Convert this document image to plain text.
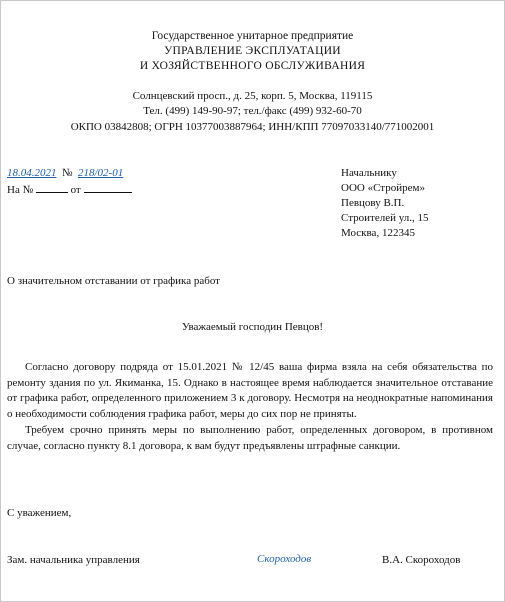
Государственное унитарное предприятие
УПРАВЛЕНИЕ ЭКСПЛУАТАЦИИ
И ХОЗЯЙСТВЕННОГО ОБСЛУЖИВАНИЯ
Солнцевский просп., д. 25, корп. 5, Москва, 119115
Тел. (499) 149-90-97; тел./факс (499) 932-60-70
ОКПО 03842808; ОГРН 10377003887964; ИНН/КПП 77097033140/771002001
18.04.2021 № 218/02-01
На №	от
Начальнику
ООО «Стройрем»
Певцову В.П.
Строителей ул., 15
Москва, 122345
О значительном отставании от графика работ
Уважаемый господин Певцов!

Согласно договору подряда от 15.01.2021 № 12/45 ваша фирма взяла на себя обязательства по ремонту здания по ул. Якиманка, 15. Однако в настоящее время наблюдается значительное отставание от графика работ, определенного приложением 3 к договору. Несмотря на неоднократные напоминания о необходимости соблюдения графика работ, меры до сих пор не приняты.

Требуем срочно принять меры по выполнению работ, определенных договором, в противном случае, согласно пункту 8.1 договора, к вам будут предъявлены штрафные санкции.

С уважением,
Зам. начальника управления	Скороходов	В.А. Скороходов
